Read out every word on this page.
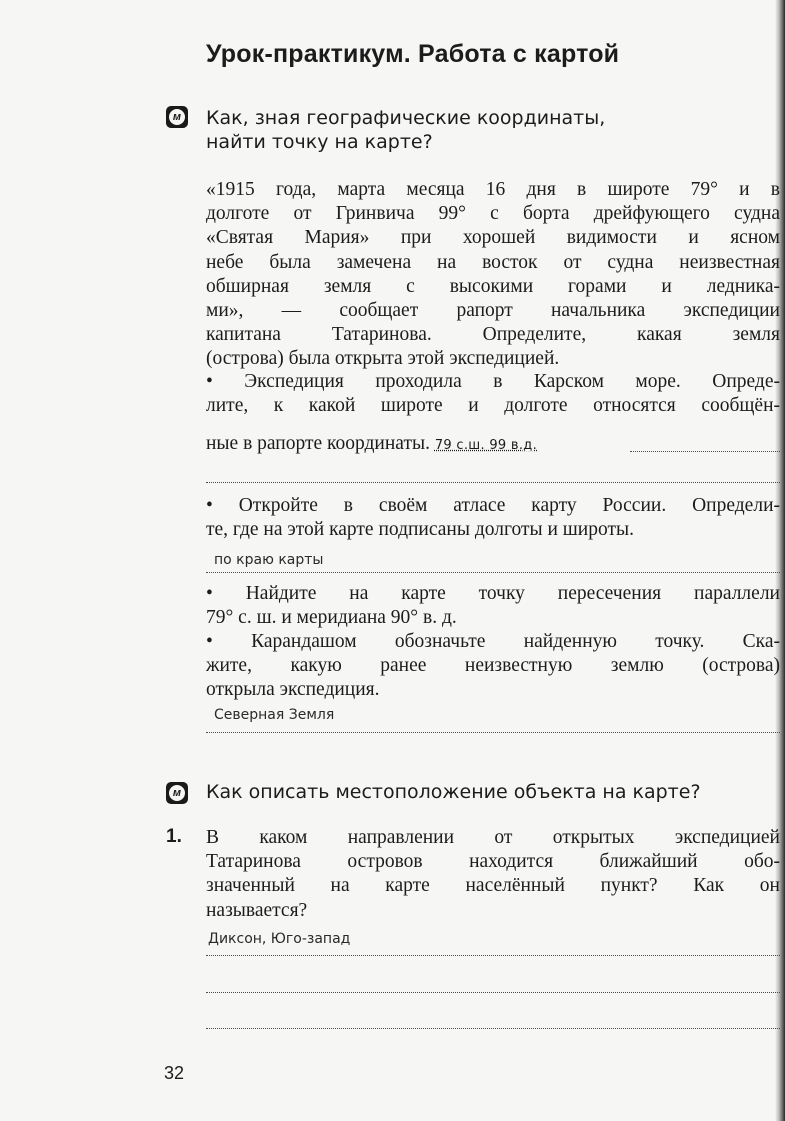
Урок-практикум. Работа с картой
м Как, зная географические координаты,
найти точку на карте?
«1915 года, марта месяца 16 дня в широте 79° и в
долготе от Гринвича 99° с борта дрейфующего судна
«Святая Мария» при хорошей видимости и ясном
небе была замечена на восток от судна неизвестная
обширная земля с высокими горами и ледника-
ми», — сообщает рапорт начальника экспедиции
капитана Татаринова. Определите, какая земля
(острова) была открыта этой экспедицией.
• Экспедиция проходила в Карском море. Опреде-
лите, к какой широте и долготе относятся сообщён-
ные в рапорте координаты. 79 с.ш. 99 в.д.
• Откройте в своём атласе карту России. Определи-
те, где на этой карте подписаны долготы и широты.
по краю карты
• Найдите на карте точку пересечения параллели
79° с. ш. и меридиана 90° в. д.
• Карандашом обозначьте найденную точку. Ска-
жите, какую ранее неизвестную землю (острова)
открыла экспедиция.
Северная Земля
м Как описать местоположение объекта на карте?
1. В каком направлении от открытых экспедицией
Татаринова островов находится ближайший обо-
значенный на карте населённый пункт? Как он
называется?
Диксон, Юго-запад
32
